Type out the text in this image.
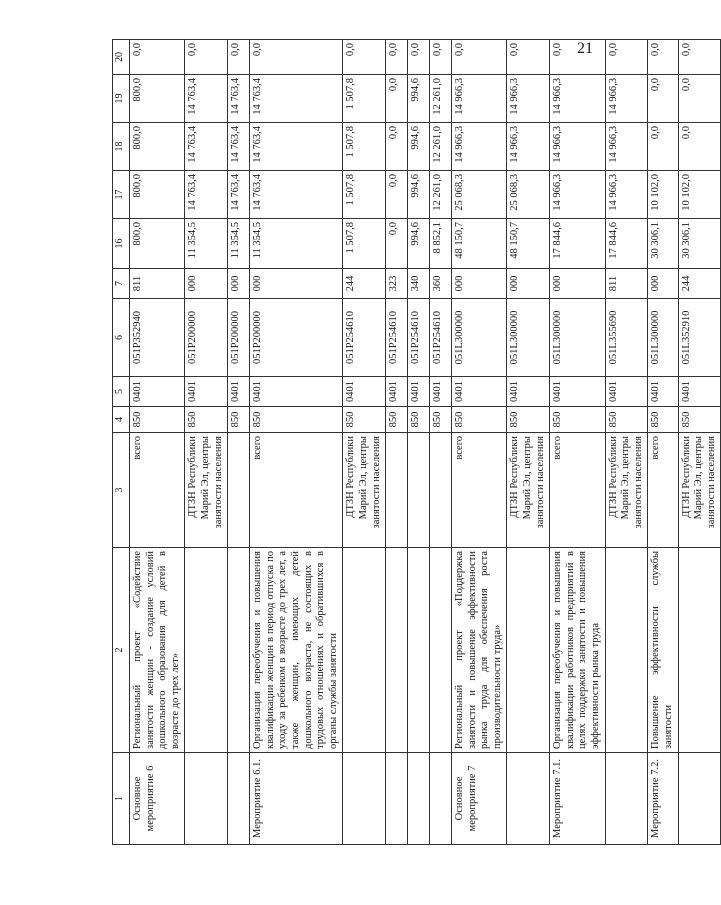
21
1	2	3	4	5	6	7	16	17	18	19	20
Основное мероприятие 6	Региональный проект «Содействие занятости женщин - создание условий дошкольного образования для детей в возрасте до трех лет»	всего	850	0401	051P352940	811	800,0	800,0	800,0	800,0	0,0
		ДТЗН Республики Марий Эл, центры занятости населения	850	0401	051P200000	000	11 354,5	14 763,4	14 763,4	14 763,4	0,0
			850	0401	051P200000	000	11 354,5	14 763,4	14 763,4	14 763,4	0,0
Мероприятие 6.1.	Организация переобучения и повышения квалификации женщин в период отпуска по уходу за ребенком в возрасте до трех лет, а также женщин, имеющих детей дошкольного возраста, не состоящих в трудовых отношениях и обратившихся в органы службы занятости	всего	850	0401	051P200000	000	11 354,5	14 763,4	14 763,4	14 763,4	0,0
		ДТЗН Республики Марий Эл, центры занятости населения	850	0401	051P254610	244	1 507,8	1 507,8	1 507,8	1 507,8	0,0
			850	0401	051P254610	323	0,0	0,0	0,0	0,0	0,0
			850	0401	051P254610	340	994,6	994,6	994,6	994,6	0,0
			850	0401	051P254610	360	8 852,1	12 261,0	12 261,0	12 261,0	0,0
Основное мероприятие 7	Региональный проект «Поддержка занятости и повышение эффективности рынка труда для обеспечения роста производительности труда»	всего	850	0401	051L300000	000	48 150,7	25 068,3	14 966,3	14 966,3	0,0
		ДТЗН Республики Марий Эл, центры занятости населения	850	0401	051L300000	000	48 150,7	25 068,3	14 966,3	14 966,3	0,0
Мероприятие 7.1.	Организация переобучения и повышения квалификации работников предприятий в целях поддержки занятости и повышения эффективности рынка труда	всего	850	0401	051L300000	000	17 844,6	14 966,3	14 966,3	14 966,3	0,0
		ДТЗН Республики Марий Эл, центры занятости населения	850	0401	051L355690	811	17 844,6	14 966,3	14 966,3	14 966,3	0,0
Мероприятие 7.2.	Повышение эффективности службы занятости	всего	850	0401	051L300000	000	30 306,1	10 102,0	0,0	0,0	0,0
		ДТЗН Республики Марий Эл, центры занятости населения	850	0401	051L352910	244	30 306,1	10 102,0	0,0	0,0	0,0
